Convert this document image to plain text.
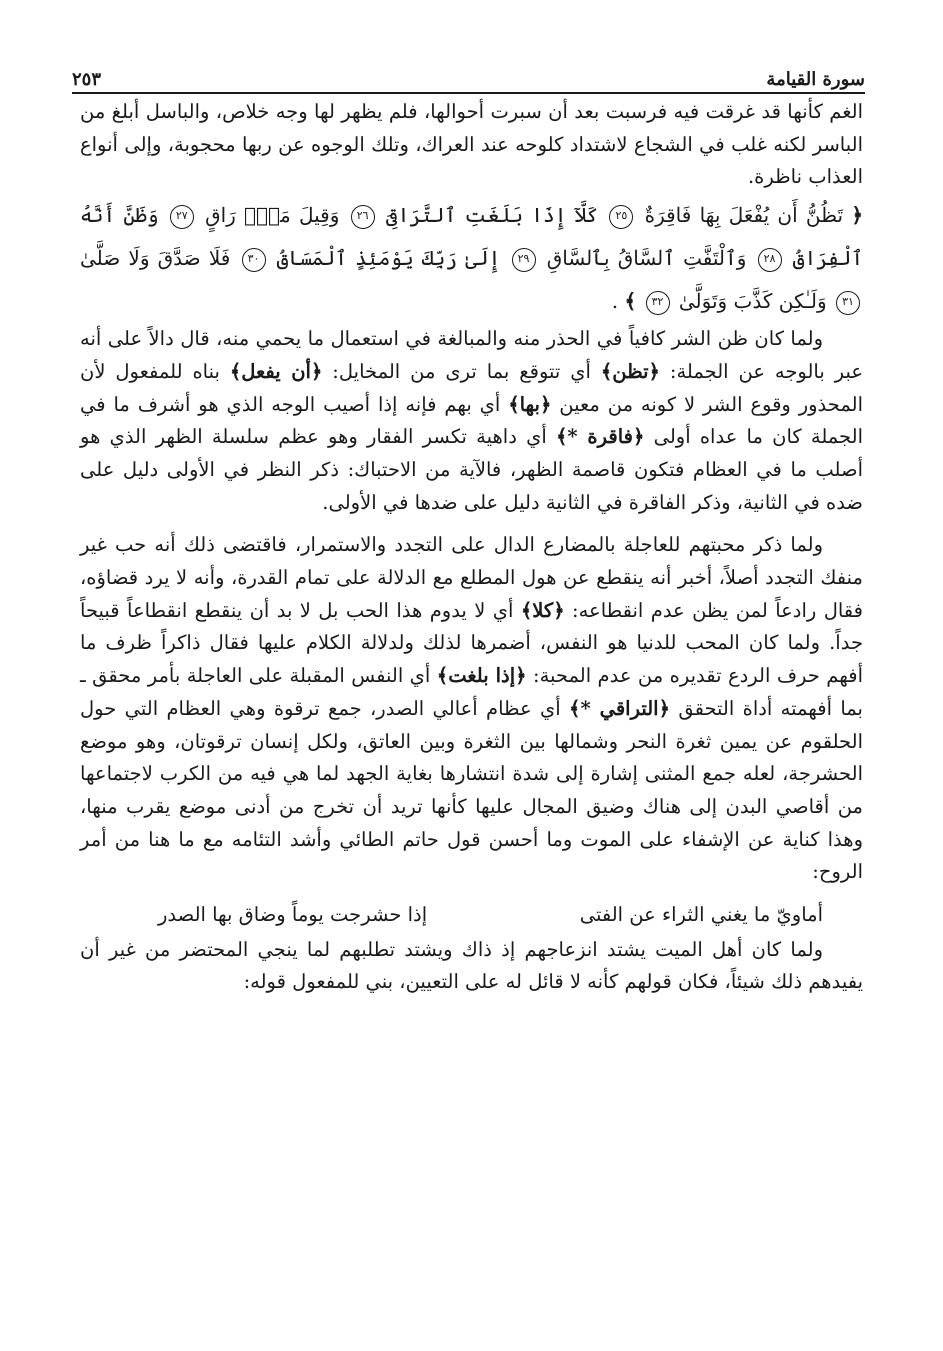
سورة القيامة
٢٥٣

الغم كأنها قد غرقت فيه فرسبت بعد أن سبرت أحوالها، فلم يظهر لها وجه خلاص، والباسل أبلغ من الباسر لكنه غلب في الشجاع لاشتداد كلوحه عند العراك، وتلك الوجوه عن ربها محجوبة، وإلى أنواع العذاب ناظرة.

﴿ تَظُنُّ أَن يُفْعَلَ بِهَا فَاقِرَةٌ ٢٥ كَلَّآ إِذَا بَلَغَتِ ٱلتَّرَاقِىَ ٢٦ وَقِيلَ مَنْۜ رَاقٍ ٢٧ وَظَنَّ أَنَّهُ ٱلْفِرَاقُ ٢٨ وَٱلْتَفَّتِ ٱلسَّاقُ بِٱلسَّاقِ ٢٩ إِلَىٰ رَبِّكَ يَوْمَئِذٍ ٱلْمَسَاقُ ٣٠ فَلَا صَدَّقَ وَلَا صَلَّىٰ ٣١ وَلَـٰكِن كَذَّبَ وَتَوَلَّىٰ ٣٢ ﴾ .

ولما كان ظن الشر كافياً في الحذر منه والمبالغة في استعمال ما يحمي منه، قال دالاً على أنه عبر بالوجه عن الجملة: ﴿تظن﴾ أي تتوقع بما ترى من المخايل: ﴿أن يفعل﴾ بناه للمفعول لأن المحذور وقوع الشر لا كونه من معين ﴿بها﴾ أي بهم فإنه إذا أصيب الوجه الذي هو أشرف ما في الجملة كان ما عداه أولى ﴿فاقرة *﴾ أي داهية تكسر الفقار وهو عظم سلسلة الظهر الذي هو أصلب ما في العظام فتكون قاصمة الظهر، فالآية من الاحتباك: ذكر النظر في الأولى دليل على ضده في الثانية، وذكر الفاقرة في الثانية دليل على ضدها في الأولى.

ولما ذكر محبتهم للعاجلة بالمضارع الدال على التجدد والاستمرار، فاقتضى ذلك أنه حب غير منفك التجدد أصلاً، أخبر أنه ينقطع عن هول المطلع مع الدلالة على تمام القدرة، وأنه لا يرد قضاؤه، فقال رادعاً لمن يظن عدم انقطاعه: ﴿كلا﴾ أي لا يدوم هذا الحب بل لا بد أن ينقطع انقطاعاً قبيحاً جداً. ولما كان المحب للدنيا هو النفس، أضمرها لذلك ولدلالة الكلام عليها فقال ذاكراً ظرف ما أفهم حرف الردع تقديره من عدم المحبة: ﴿إذا بلغت﴾ أي النفس المقبلة على العاجلة بأمر محقق ـ بما أفهمته أداة التحقق ﴿التراقي *﴾ أي عظام أعالي الصدر، جمع ترقوة وهي العظام التي حول الحلقوم عن يمين ثغرة النحر وشمالها بين الثغرة وبين العاتق، ولكل إنسان ترقوتان، وهو موضع الحشرجة، لعله جمع المثنى إشارة إلى شدة انتشارها بغاية الجهد لما هي فيه من الكرب لاجتماعها من أقاصي البدن إلى هناك وضيق المجال عليها كأنها تريد أن تخرج من أدنى موضع يقرب منها، وهذا كناية عن الإشفاء على الموت وما أحسن قول حاتم الطائي وأشد التئامه مع ما هنا من أمر الروح:

أماويّ ما يغني الثراء عن الفتى
إذا حشرجت يوماً وضاق بها الصدر

ولما كان أهل الميت يشتد انزعاجهم إذ ذاك ويشتد تطلبهم لما ينجي المحتضر من غير أن يفيدهم ذلك شيئاً، فكان قولهم كأنه لا قائل له على التعيين، بني للمفعول قوله:
